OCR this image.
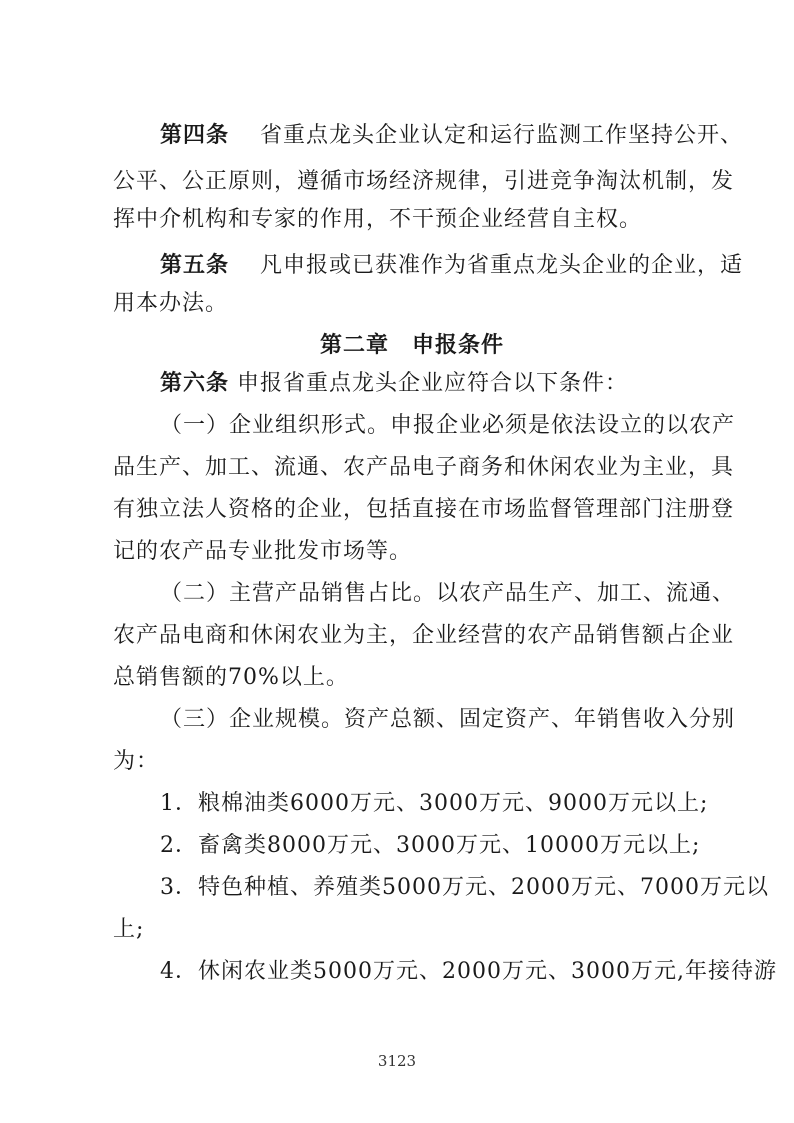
第四条　 省重点龙头企业认定和运行监测工作坚持公开、
公平、公正原则，遵循市场经济规律，引进竞争淘汰机制，发
挥中介机构和专家的作用，不干预企业经营自主权。
第五条　 凡申报或已获准作为省重点龙头企业的企业，适
用本办法。
第二章　申报条件
第六条 申报省重点龙头企业应符合以下条件：
（一）企业组织形式。申报企业必须是依法设立的以农产
品生产、加工、流通、农产品电子商务和休闲农业为主业，具
有独立法人资格的企业，包括直接在市场监督管理部门注册登
记的农产品专业批发市场等。
（二）主营产品销售占比。以农产品生产、加工、流通、
农产品电商和休闲农业为主，企业经营的农产品销售额占企业
总销售额的70%以上。
（三）企业规模。资产总额、固定资产、年销售收入分别
为：
1．粮棉油类6000万元、3000万元、9000万元以上;
2．畜禽类8000万元、3000万元、10000万元以上;
3．特色种植、养殖类5000万元、2000万元、7000万元以
上;
4．休闲农业类5000万元、2000万元、3000万元,年接待游
3123
